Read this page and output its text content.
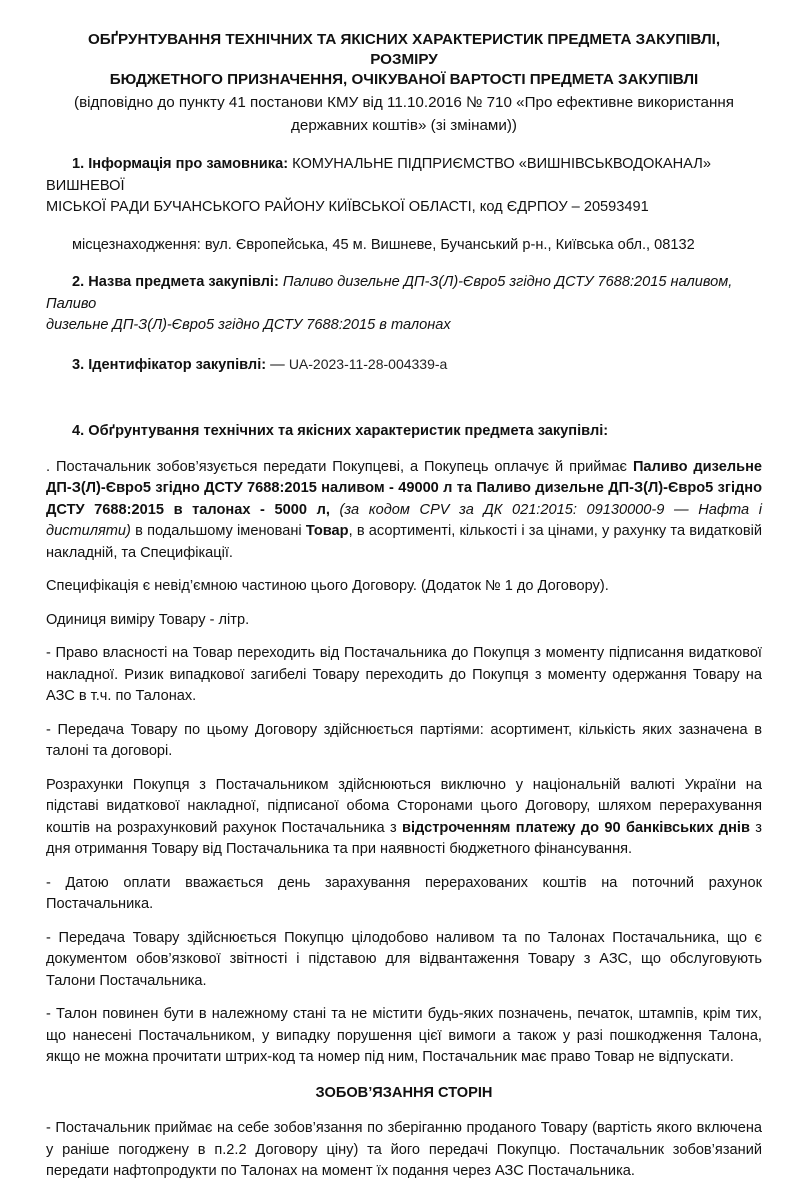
ОБҐРУНТУВАННЯ ТЕХНІЧНИХ ТА ЯКІСНИХ ХАРАКТЕРИСТИК ПРЕДМЕТА ЗАКУПІВЛІ, РОЗМІРУ
БЮДЖЕТНОГО ПРИЗНАЧЕННЯ, ОЧІКУВАНОЇ ВАРТОСТІ ПРЕДМЕТА ЗАКУПІВЛІ

(відповідно до пункту 41 постанови КМУ від 11.10.2016 № 710 «Про ефективне використання
державних коштів» (зі змінами))

1. Інформація про замовника: КОМУНАЛЬНЕ ПІДПРИЄМСТВО «ВИШНІВСЬКВОДОКАНАЛ» ВИШНЕВОЇ
МІСЬКОЇ РАДИ БУЧАНСЬКОГО РАЙОНУ КИЇВСЬКОЇ ОБЛАСТІ, код ЄДРПОУ – 20593491

місцезнаходження: вул. Європейська, 45 м. Вишневе, Бучанський р-н., Київська обл., 08132

2. Назва предмета закупівлі: Паливо дизельне ДП-З(Л)-Євро5 згідно ДСТУ 7688:2015 наливом, Паливо
дизельне ДП-З(Л)-Євро5 згідно ДСТУ 7688:2015 в талонах

3. Ідентифікатор закупівлі: — UA-2023-11-28-004339-a

4. Обґрунтування технічних та якісних характеристик предмета закупівлі:

. Постачальник зобов’язується передати Покупцеві, а Покупець оплачує й приймає Паливо дизельне ДП-З(Л)-Євро5 згідно ДСТУ 7688:2015 наливом - 49000 л та Паливо дизельне ДП-З(Л)-Євро5 згідно ДСТУ 7688:2015 в талонах - 5000 л, (за кодом CPV за ДК 021:2015: 09130000-9 — Нафта і дистиляти) в подальшому іменовані Товар, в асортименті, кількості і за цінами, у рахунку та видатковій накладній, та Специфікації.

Специфікація є невід’ємною частиною цього Договору. (Додаток № 1 до Договору).

Одиниця виміру Товару - літр.

- Право власності на Товар переходить від Постачальника до Покупця з моменту підписання видаткової накладної. Ризик випадкової загибелі Товару переходить до Покупця з моменту одержання Товару на АЗС в т.ч. по Талонах.

- Передача Товару по цьому Договору здійснюється партіями: асортимент, кількість яких зазначена в талоні та договорі.

Розрахунки Покупця з Постачальником здійснюються виключно у національній валюті України на підставі видаткової накладної, підписаної обома Сторонами цього Договору, шляхом перерахування коштів на розрахунковий рахунок Постачальника з відстроченням платежу до 90 банківських днів з дня отримання Товару від Постачальника та при наявності бюджетного фінансування.

- Датою оплати вважається день зарахування перерахованих коштів на поточний рахунок Постачальника.

- Передача Товару здійснюється Покупцю цілодобово наливом та по Талонах Постачальника, що є документом обов’язкової звітності і підставою для відвантаження Товару з АЗС, що обслуговують Талони Постачальника.

- Талон повинен бути в належному стані та не містити будь-яких позначень, печаток, штампів, крім тих, що нанесені Постачальником, у випадку порушення цієї вимоги а також у разі пошкодження Талона, якщо не можна прочитати штрих-код та номер під ним, Постачальник має право Товар не відпускати.

ЗОБОВ’ЯЗАННЯ СТОРІН

- Постачальник приймає на себе зобов’язання по зберіганню проданого Товару (вартість якого включена у раніше погоджену в п.2.2 Договору ціну) та його передачі Покупцю. Постачальник зобов’язаний передати нафтопродукти по Талонах на момент їх подання через АЗС Постачальника.
